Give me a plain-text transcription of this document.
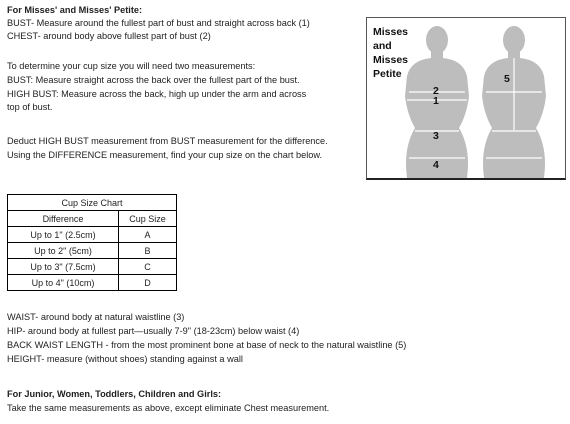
For Misses' and Misses' Petite:
BUST- Measure around the fullest part of bust and straight across back (1)
CHEST- around body above fullest part of bust (2)
To determine your cup size you will need two measurements:
BUST: Measure straight across the back over the fullest part of the bust.
HIGH BUST: Measure across the back, high up under the arm and across
top of bust.
Deduct HIGH BUST measurement from BUST measurement for the difference.
Using the DIFFERENCE measurement, find your cup size on the chart below.
Cup Size Chart	
Difference	Cup Size
Up to 1" (2.5cm)	A
Up to 2" (5cm)	B
Up to 3" (7.5cm)	C
Up to 4" (10cm)	D
WAIST- around body at natural waistline (3)
HIP- around body at fullest part—usually 7-9" (18-23cm) below waist (4)
BACK WAIST LENGTH - from the most prominent bone at base of neck to the natural waistline (5)
HEIGHT- measure (without shoes) standing against a wall
For Junior, Women, Toddlers, Children and Girls:
Take the same measurements as above, except eliminate Chest measurement.
Misses
and
Misses
Petite
2
1
3
4
5
